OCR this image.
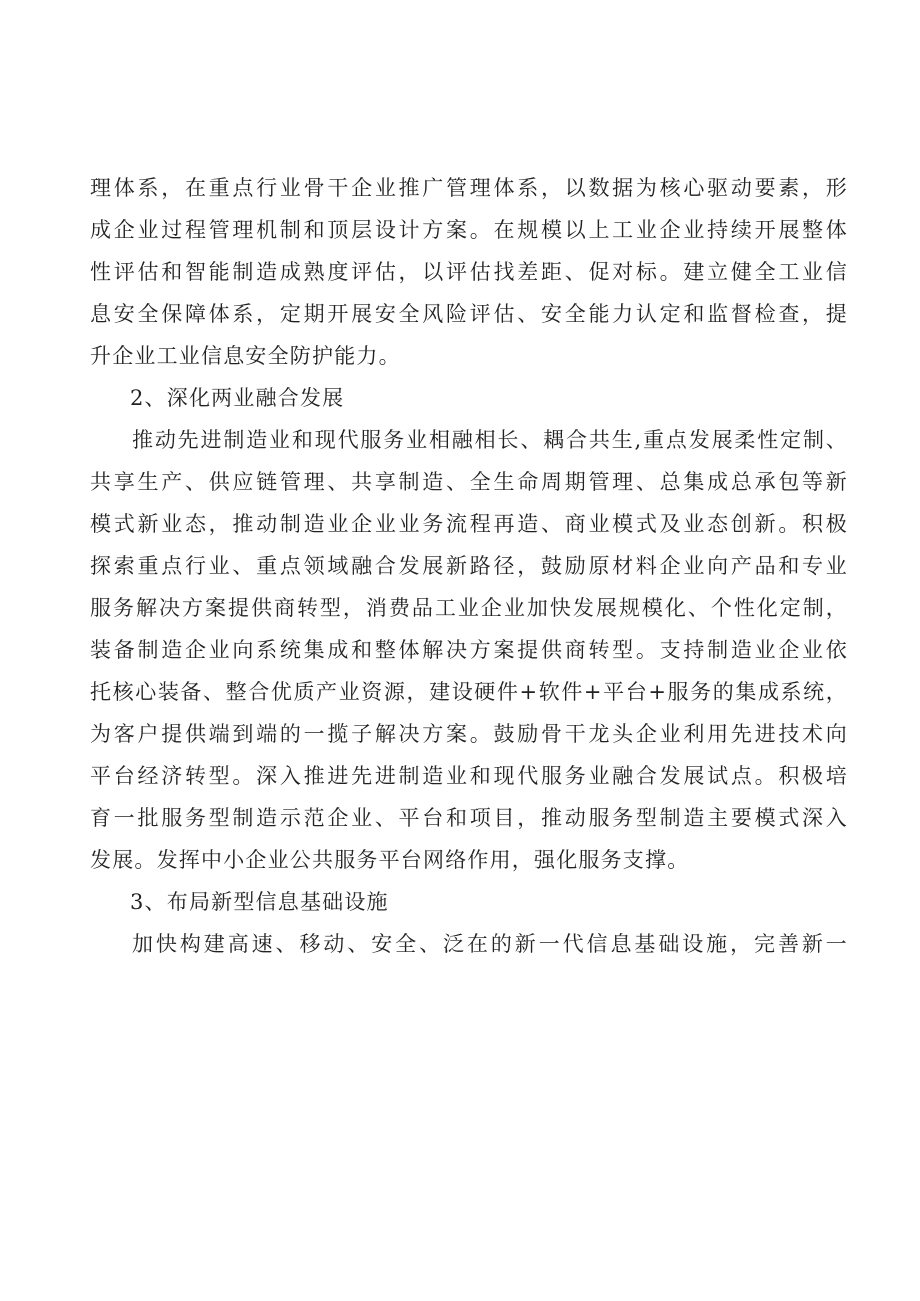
理体系，在重点行业骨干企业推广管理体系，以数据为核心驱动要素，形
成企业过程管理机制和顶层设计方案。在规模以上工业企业持续开展整体
性评估和智能制造成熟度评估，以评估找差距、促对标。建立健全工业信
息安全保障体系，定期开展安全风险评估、安全能力认定和监督检查，提
升企业工业信息安全防护能力。
2、深化两业融合发展
推动先进制造业和现代服务业相融相长、耦合共生,重点发展柔性定制、
共享生产、供应链管理、共享制造、全生命周期管理、总集成总承包等新
模式新业态，推动制造业企业业务流程再造、商业模式及业态创新。积极
探索重点行业、重点领域融合发展新路径，鼓励原材料企业向产品和专业
服务解决方案提供商转型，消费品工业企业加快发展规模化、个性化定制，
装备制造企业向系统集成和整体解决方案提供商转型。支持制造业企业依
托核心装备、整合优质产业资源，建设硬件+软件+平台+服务的集成系统，
为客户提供端到端的一揽子解决方案。鼓励骨干龙头企业利用先进技术向
平台经济转型。深入推进先进制造业和现代服务业融合发展试点。积极培
育一批服务型制造示范企业、平台和项目，推动服务型制造主要模式深入
发展。发挥中小企业公共服务平台网络作用，强化服务支撑。
3、布局新型信息基础设施
加快构建高速、移动、安全、泛在的新一代信息基础设施，完善新一
